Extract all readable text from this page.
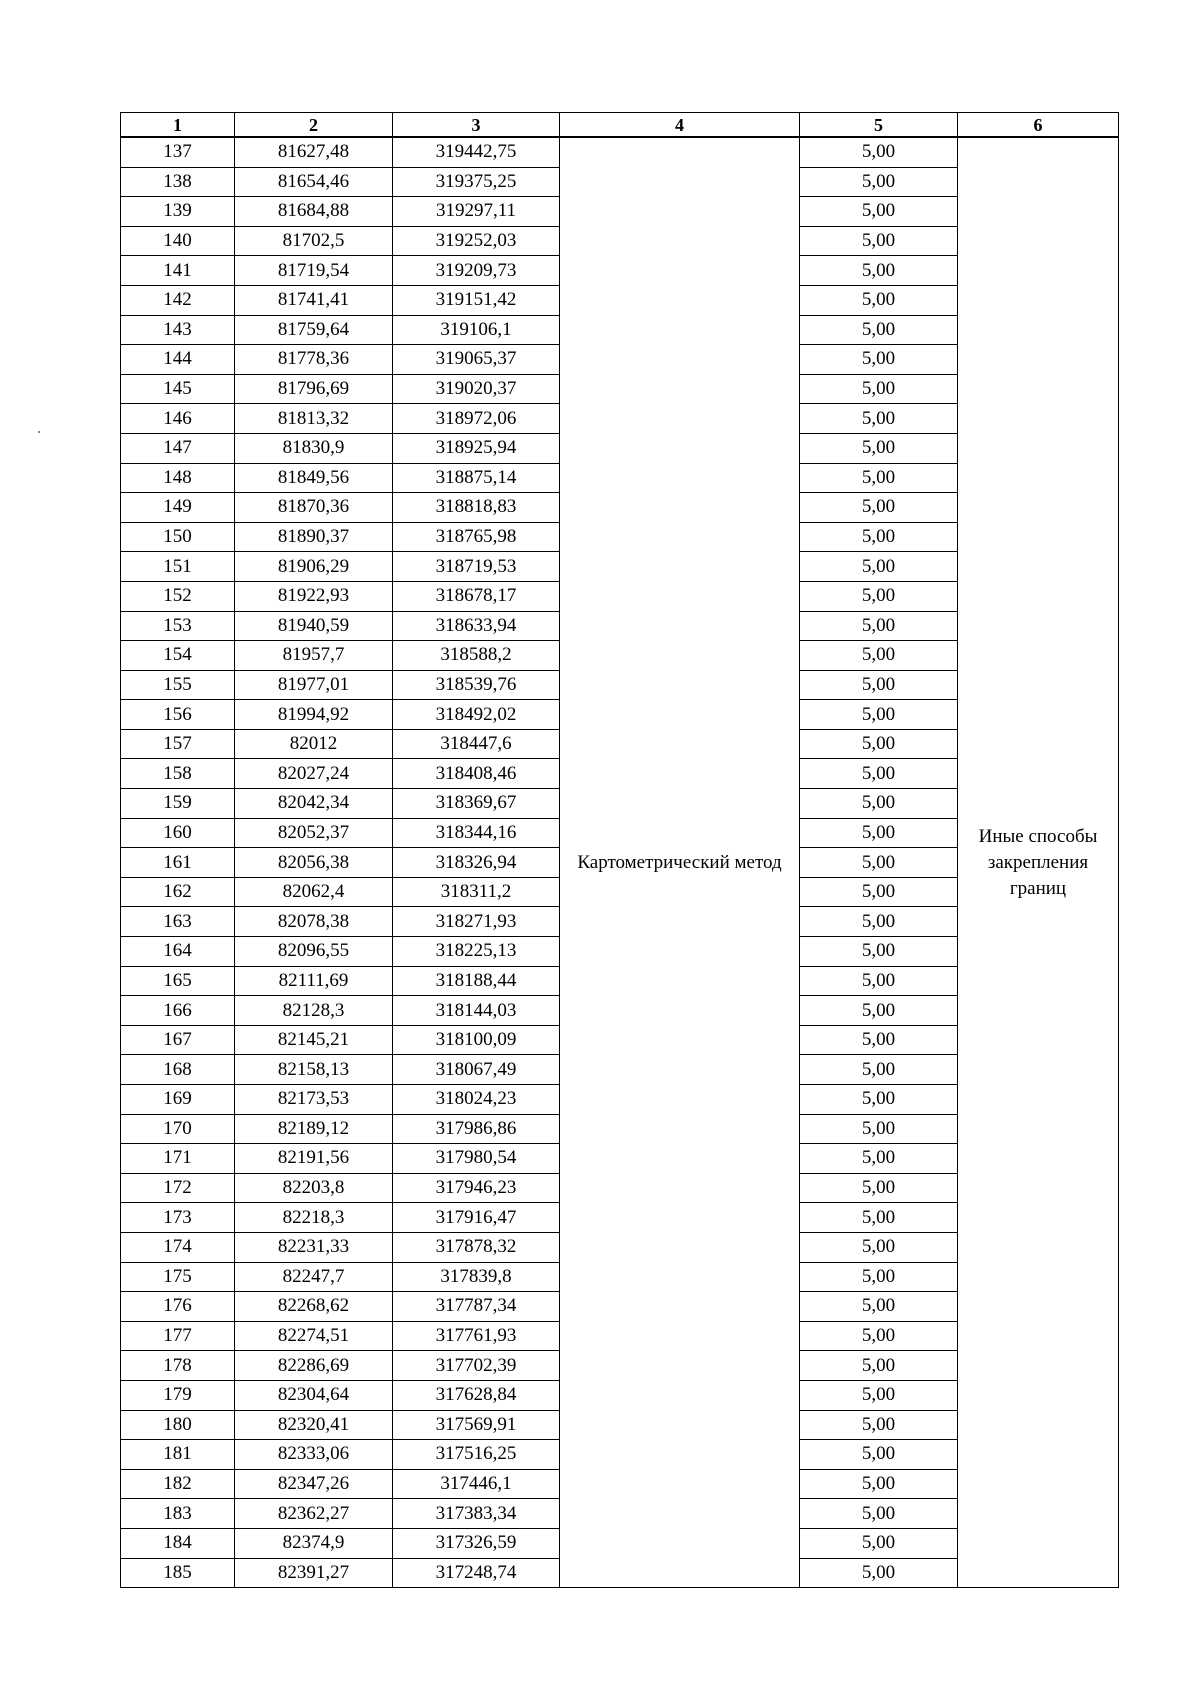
1	2	3	4	5	6
137	81627,48	319442,75	Картометрический метод	5,00	Иные способы закрепления границ
138	81654,46	319375,25		5,00	
139	81684,88	319297,11		5,00	
140	81702,5	319252,03		5,00	
141	81719,54	319209,73		5,00	
142	81741,41	319151,42		5,00	
143	81759,64	319106,1		5,00	
144	81778,36	319065,37		5,00	
145	81796,69	319020,37		5,00	
146	81813,32	318972,06		5,00	
147	81830,9	318925,94		5,00	
148	81849,56	318875,14		5,00	
149	81870,36	318818,83		5,00	
150	81890,37	318765,98		5,00	
151	81906,29	318719,53		5,00	
152	81922,93	318678,17		5,00	
153	81940,59	318633,94		5,00	
154	81957,7	318588,2		5,00	
155	81977,01	318539,76		5,00	
156	81994,92	318492,02		5,00	
157	82012	318447,6		5,00	
158	82027,24	318408,46		5,00	
159	82042,34	318369,67		5,00	
160	82052,37	318344,16		5,00	
161	82056,38	318326,94		5,00	
162	82062,4	318311,2		5,00	
163	82078,38	318271,93		5,00	
164	82096,55	318225,13		5,00	
165	82111,69	318188,44		5,00	
166	82128,3	318144,03		5,00	
167	82145,21	318100,09		5,00	
168	82158,13	318067,49		5,00	
169	82173,53	318024,23		5,00	
170	82189,12	317986,86		5,00	
171	82191,56	317980,54		5,00	
172	82203,8	317946,23		5,00	
173	82218,3	317916,47		5,00	
174	82231,33	317878,32		5,00	
175	82247,7	317839,8		5,00	
176	82268,62	317787,34		5,00	
177	82274,51	317761,93		5,00	
178	82286,69	317702,39		5,00	
179	82304,64	317628,84		5,00	
180	82320,41	317569,91		5,00	
181	82333,06	317516,25		5,00	
182	82347,26	317446,1		5,00	
183	82362,27	317383,34		5,00	
184	82374,9	317326,59		5,00	
185	82391,27	317248,74		5,00	
